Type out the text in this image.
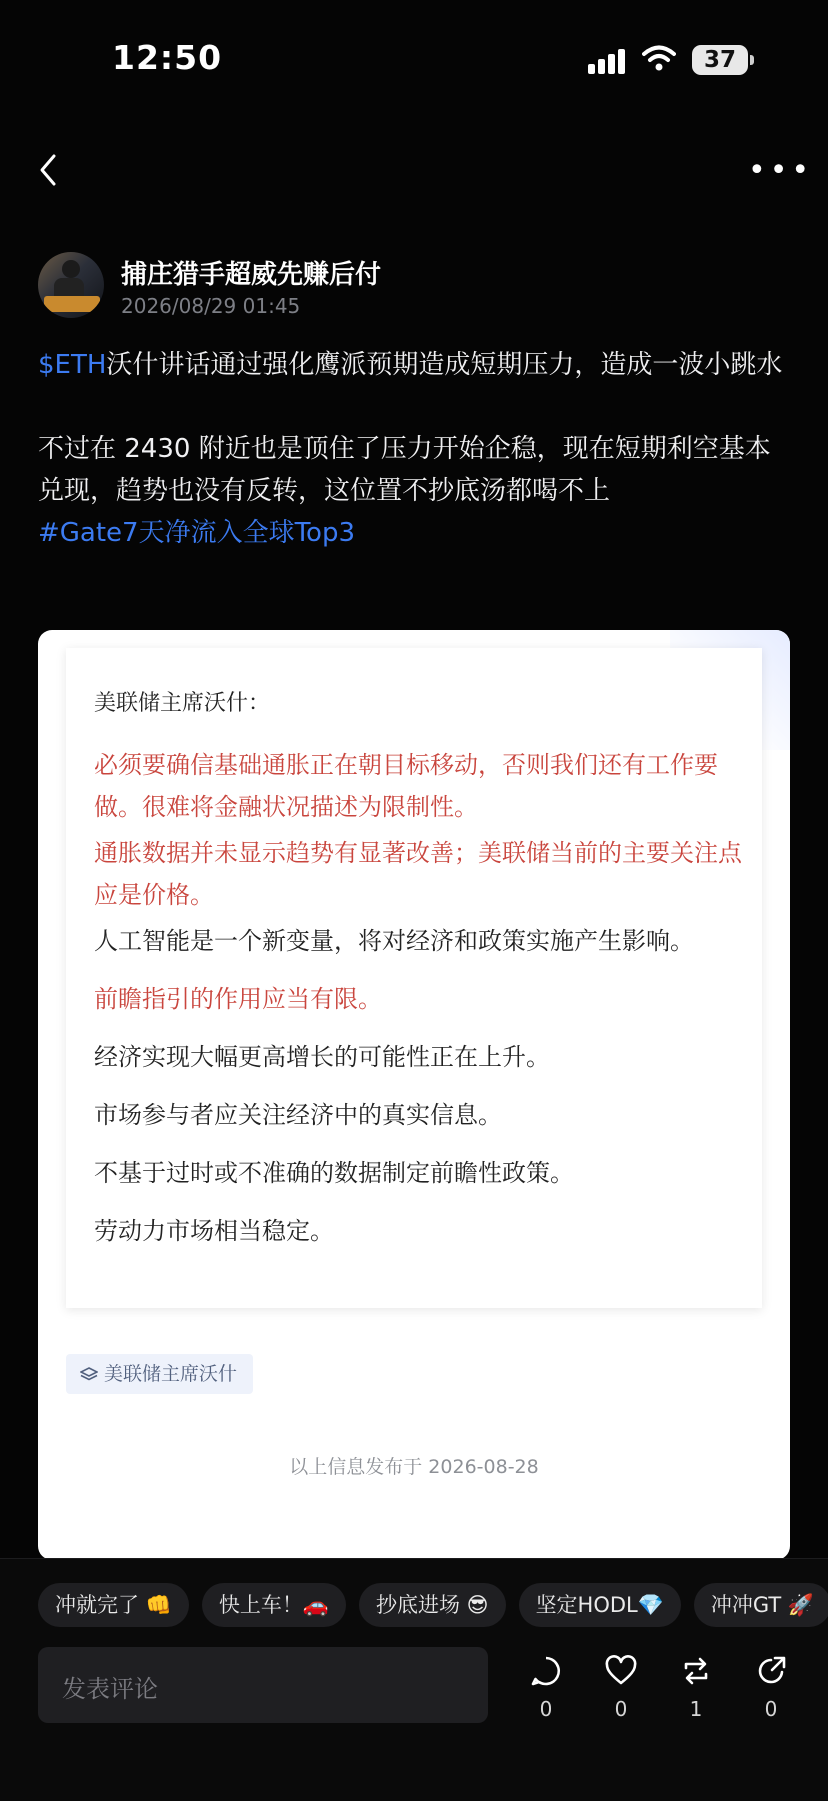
12:50	37
•••
捕庄猎手超威先赚后付
2026/08/29 01:45

$ETH沃什讲话通过强化鹰派预期造成短期压力，造成一波小跳水

不过在 2430 附近也是顶住了压力开始企稳，现在短期利空基本兑现，趋势也没有反转，这位置不抄底汤都喝不上

#Gate7天净流入全球Top3

美联储主席沃什：
必须要确信基础通胀正在朝目标移动，否则我们还有工作要做。很难将金融状况描述为限制性。
通胀数据并未显示趋势有显著改善；美联储当前的主要关注点应是价格。
人工智能是一个新变量，将对经济和政策实施产生影响。
前瞻指引的作用应当有限。
经济实现大幅更高增长的可能性正在上升。
市场参与者应关注经济中的真实信息。
不基于过时或不准确的数据制定前瞻性政策。
劳动力市场相当稳定。
美联储主席沃什
以上信息发布于 2026-08-28
冲就完了 👊 快上车！🚗 抄底进场 😎 坚定HODL💎 冲冲GT 🚀
发表评论
0	0	1	0
